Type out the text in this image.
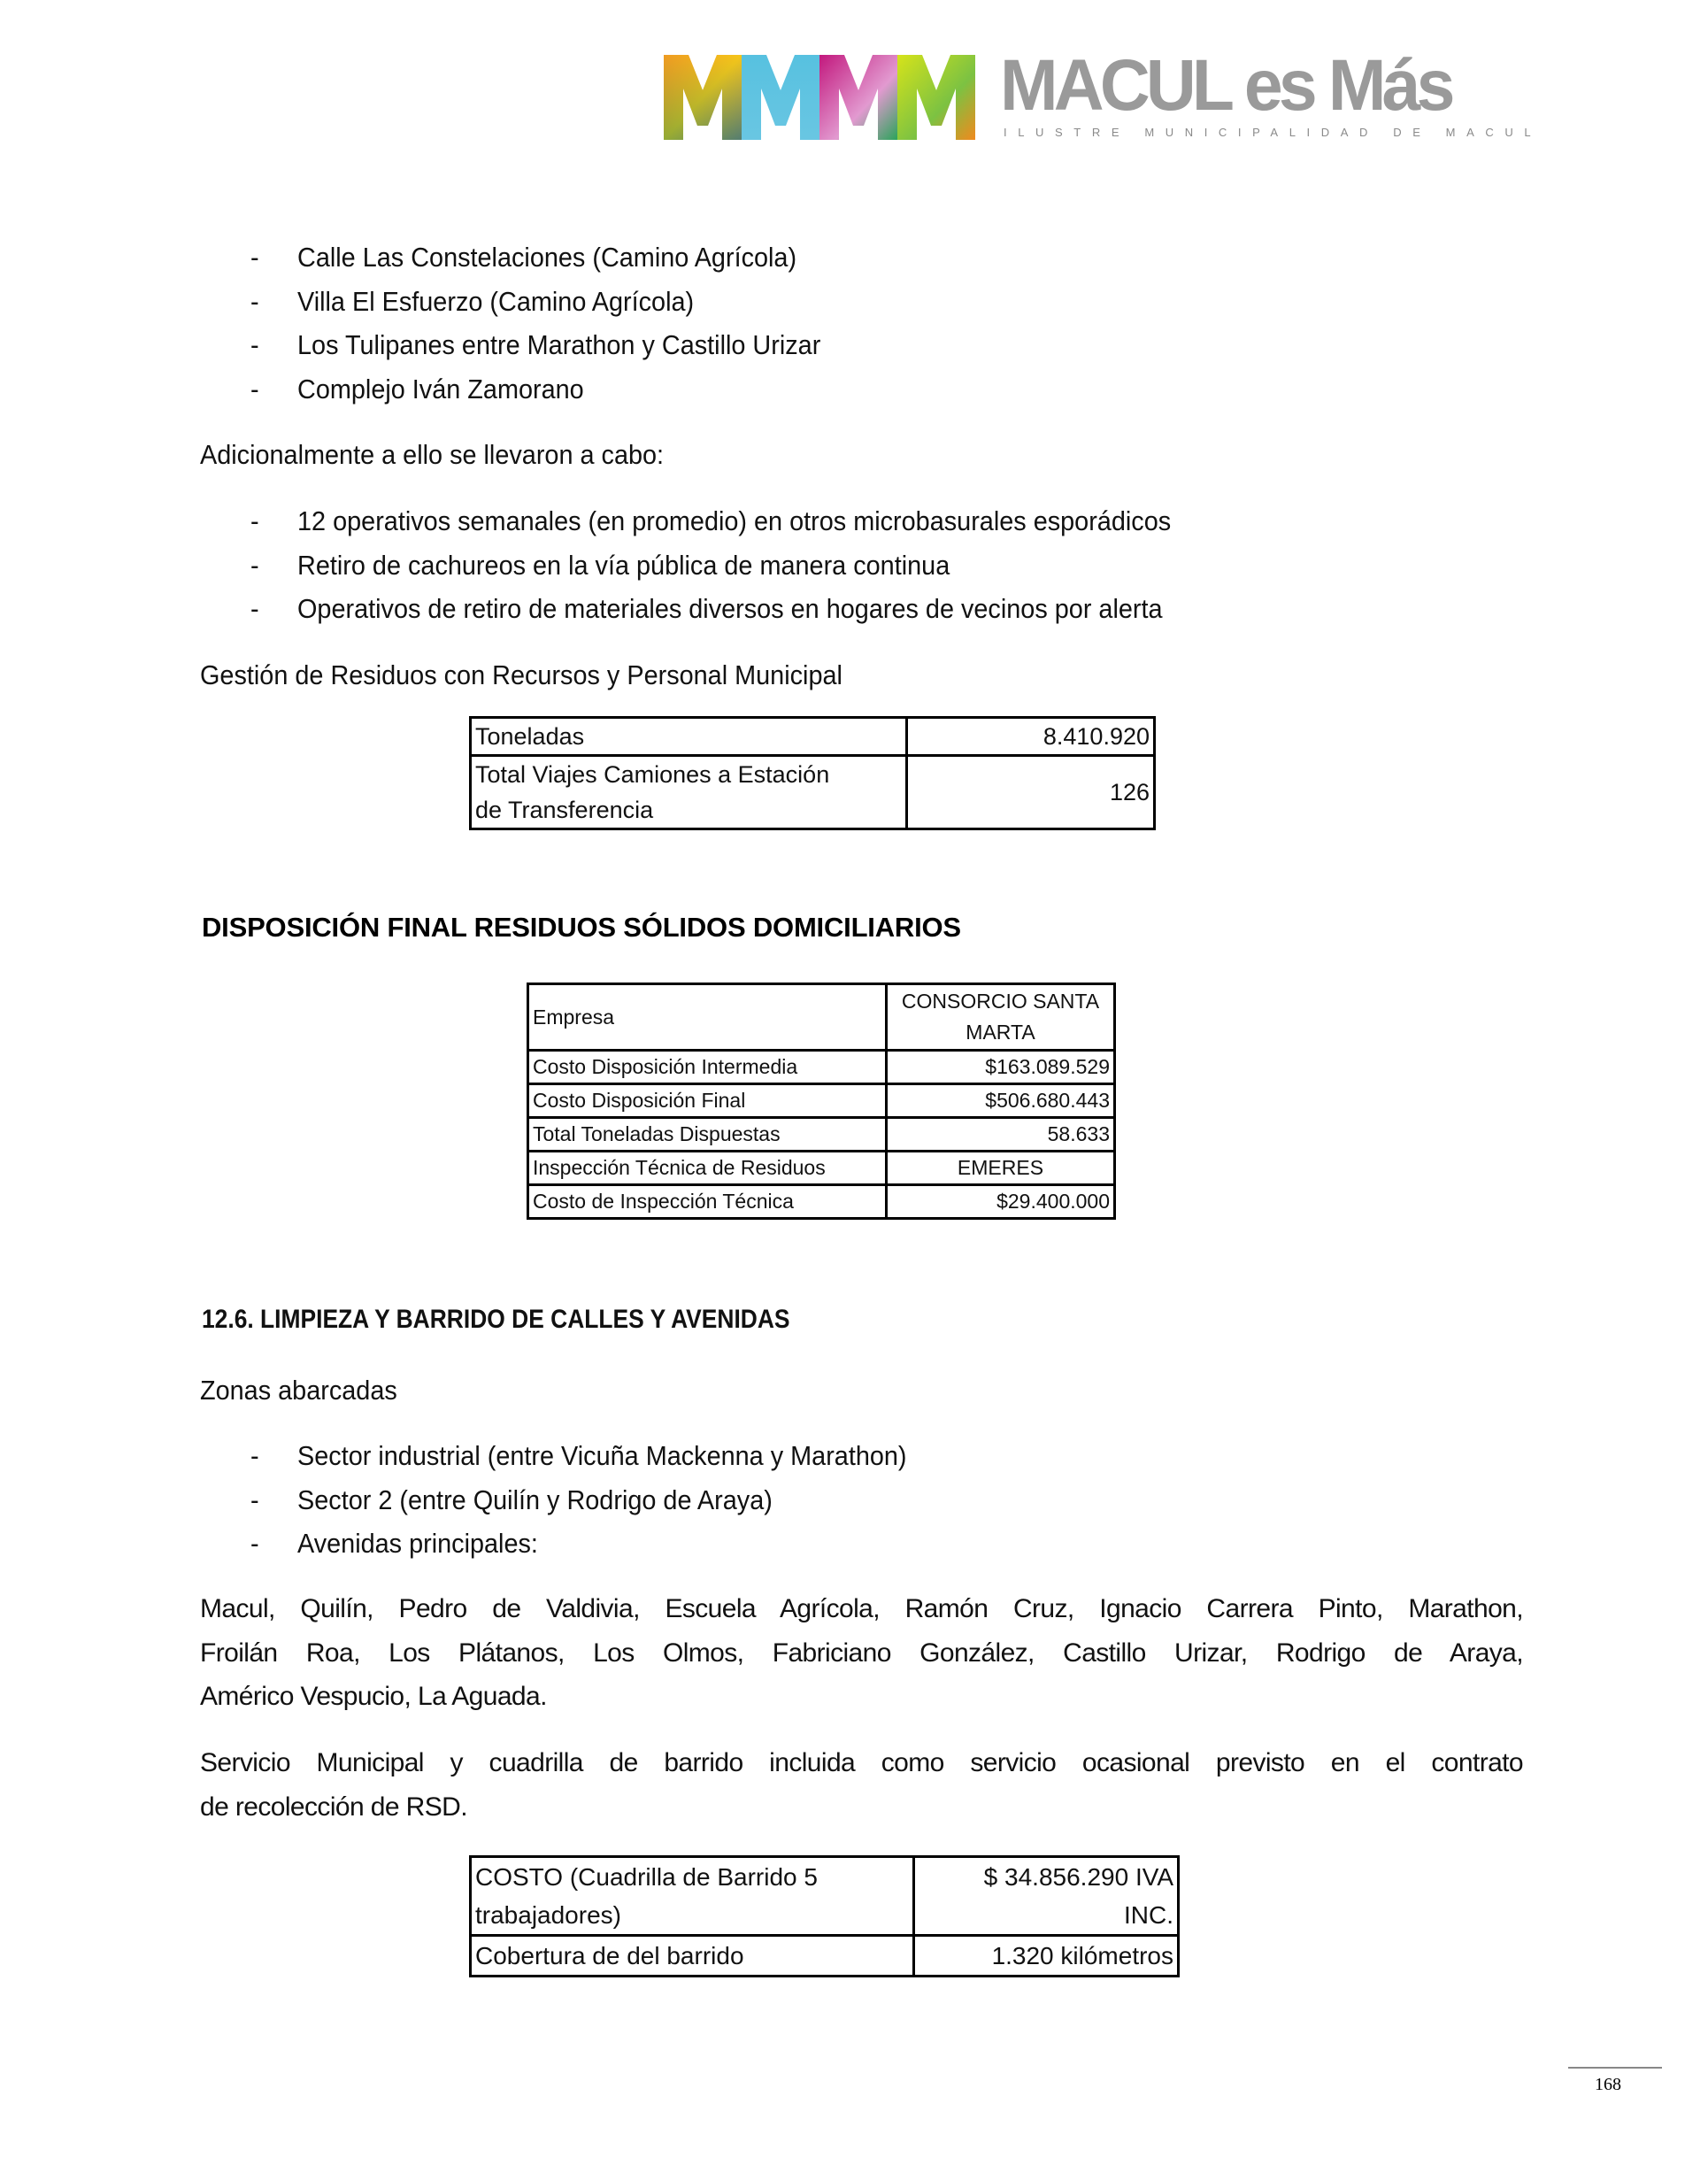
MACUL es Más
ILUSTRE MUNICIPALIDAD DE MACUL
- Calle Las Constelaciones (Camino Agrícola)
- Villa El Esfuerzo (Camino Agrícola)
- Los Tulipanes entre Marathon y Castillo Urizar
- Complejo Iván Zamorano
Adicionalmente a ello se llevaron a cabo:
- 12 operativos semanales (en promedio) en otros microbasurales esporádicos
- Retiro de cachureos en la vía pública de manera continua
- Operativos de retiro de materiales diversos en hogares de vecinos por alerta
Gestión de Residuos con Recursos y Personal Municipal
Toneladas	8.410.920
Total Viajes Camiones a Estación
de Transferencia	126
DISPOSICIÓN FINAL RESIDUOS SÓLIDOS DOMICILIARIOS
Empresa	CONSORCIO SANTA
MARTA
Costo Disposición Intermedia	$163.089.529
Costo Disposición Final	$506.680.443
Total Toneladas Dispuestas	58.633
Inspección Técnica de Residuos	EMERES
Costo de Inspección Técnica	$29.400.000
12.6. LIMPIEZA Y BARRIDO DE CALLES Y AVENIDAS
Zonas abarcadas
- Sector industrial (entre Vicuña Mackenna y Marathon)
- Sector 2 (entre Quilín y Rodrigo de Araya)
- Avenidas principales:
Macul, Quilín, Pedro de Valdivia, Escuela Agrícola, Ramón Cruz, Ignacio Carrera Pinto, Marathon,
Froilán Roa, Los Plátanos, Los Olmos, Fabriciano González, Castillo Urizar, Rodrigo de Araya,
Américo Vespucio, La Aguada.
Servicio Municipal y cuadrilla de barrido incluida como servicio ocasional previsto en el contrato
de recolección de RSD.
COSTO (Cuadrilla de Barrido 5
trabajadores)	$ 34.856.290 IVA
INC.
Cobertura de del barrido	1.320 kilómetros
168
